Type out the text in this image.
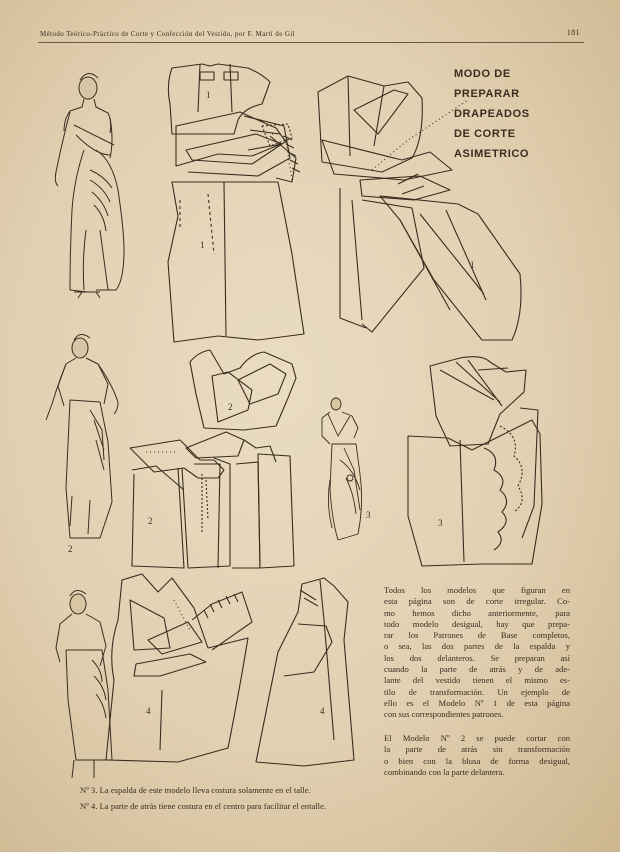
Método Teórico-Práctico de Corte y Confección del Vestido, por F. Martí de Gil	181
MODO DE
PREPARAR
DRAPEADOS
DE CORTE
ASIMETRICO
1
1
1
2
2
2
3
3
4	4
Todos los modelos que figuran en
esta página son de corte irregular. Co-
mo hemos dicho anteriormente, para
todo modelo desigual, hay que prepa-
rar los Patrones de Base completos,
o sea, las dos partes de la espalda y
los dos delanteros. Se preparan así
cuando la parte de atrás y de ade-
lante del vestido tienen el mismo es-
tilo de transformación. Un ejemplo de
ello es el Modelo Nº 1 de esta página
con sus correspondientes patrones.
El Modelo Nº 2 se puede cortar con
la parte de atrás sin transformación
o bien con la blusa de forma desigual,
combinando con la parte delantera.
Nº 3. La espalda de este modelo lleva costura solamente en el talle.
Nº 4. La parte de atrás tiene costura en el centro para facilitar el entalle.
